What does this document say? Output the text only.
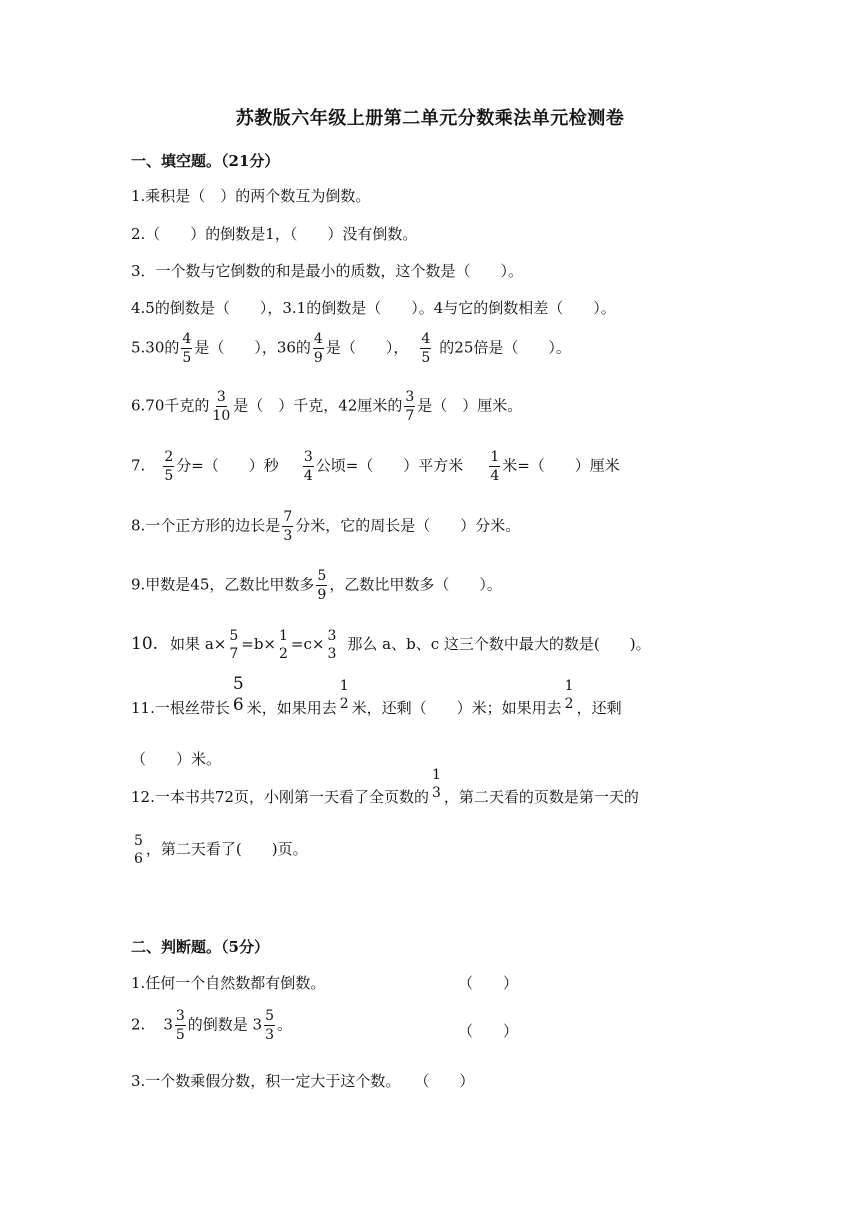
苏教版六年级上册第二单元分数乘法单元检测卷
一、填空题。（21分）
1.乘积是（　）的两个数互为倒数。
2.（　　）的倒数是1，（　　）没有倒数。
3．一个数与它倒数的和是最小的质数，这个数是（　　）。
4.5的倒数是（　　），3.1的倒数是（　　）。4与它的倒数相差（　　）。
5.30的 $\frac{4}{5}$ 是（　　），36的 $\frac{4}{9}$ 是（　　）， $\frac{4}{5}$ 的25倍是（　　）。
6.70千克的 $\frac{3}{10}$ 是（　）千克，42厘米的 $\frac{3}{7}$ 是（　）厘米。
7. $\frac{2}{5}$ 分=（　　）秒 $\frac{3}{4}$ 公顷=（　　）平方米 $\frac{1}{4}$ 米=（　　）厘米
8.一个正方形的边长是 $\frac{7}{3}$ 分米，它的周长是（　　）分米。
9.甲数是45，乙数比甲数多 $\frac{5}{9}$ ，乙数比甲数多（　　）。
10. 如果 a× 5
7
=b× 1
2
=c× 3
3
那么 a、b、c 这三个数中最大的数是(　　)。
11.一根丝带长
5
6 米，如果用去
1
2 米，还剩（　　）米；如果用去
1
2 ，还剩
（　　）米。
12.一本书共72页，小刚第一天看了全页数的
1
3 ，第二天看的页数是第一天的
5
6
，第二天看了(　　)页。
二、判断题。（5分）
1.任何一个自然数都有倒数。	（　　）
2. $3 \frac{3}{5}$ 的倒数是 $3 \frac{5}{3}$ 。	（　　）
3.一个数乘假分数，积一定大于这个数。 （　　）
